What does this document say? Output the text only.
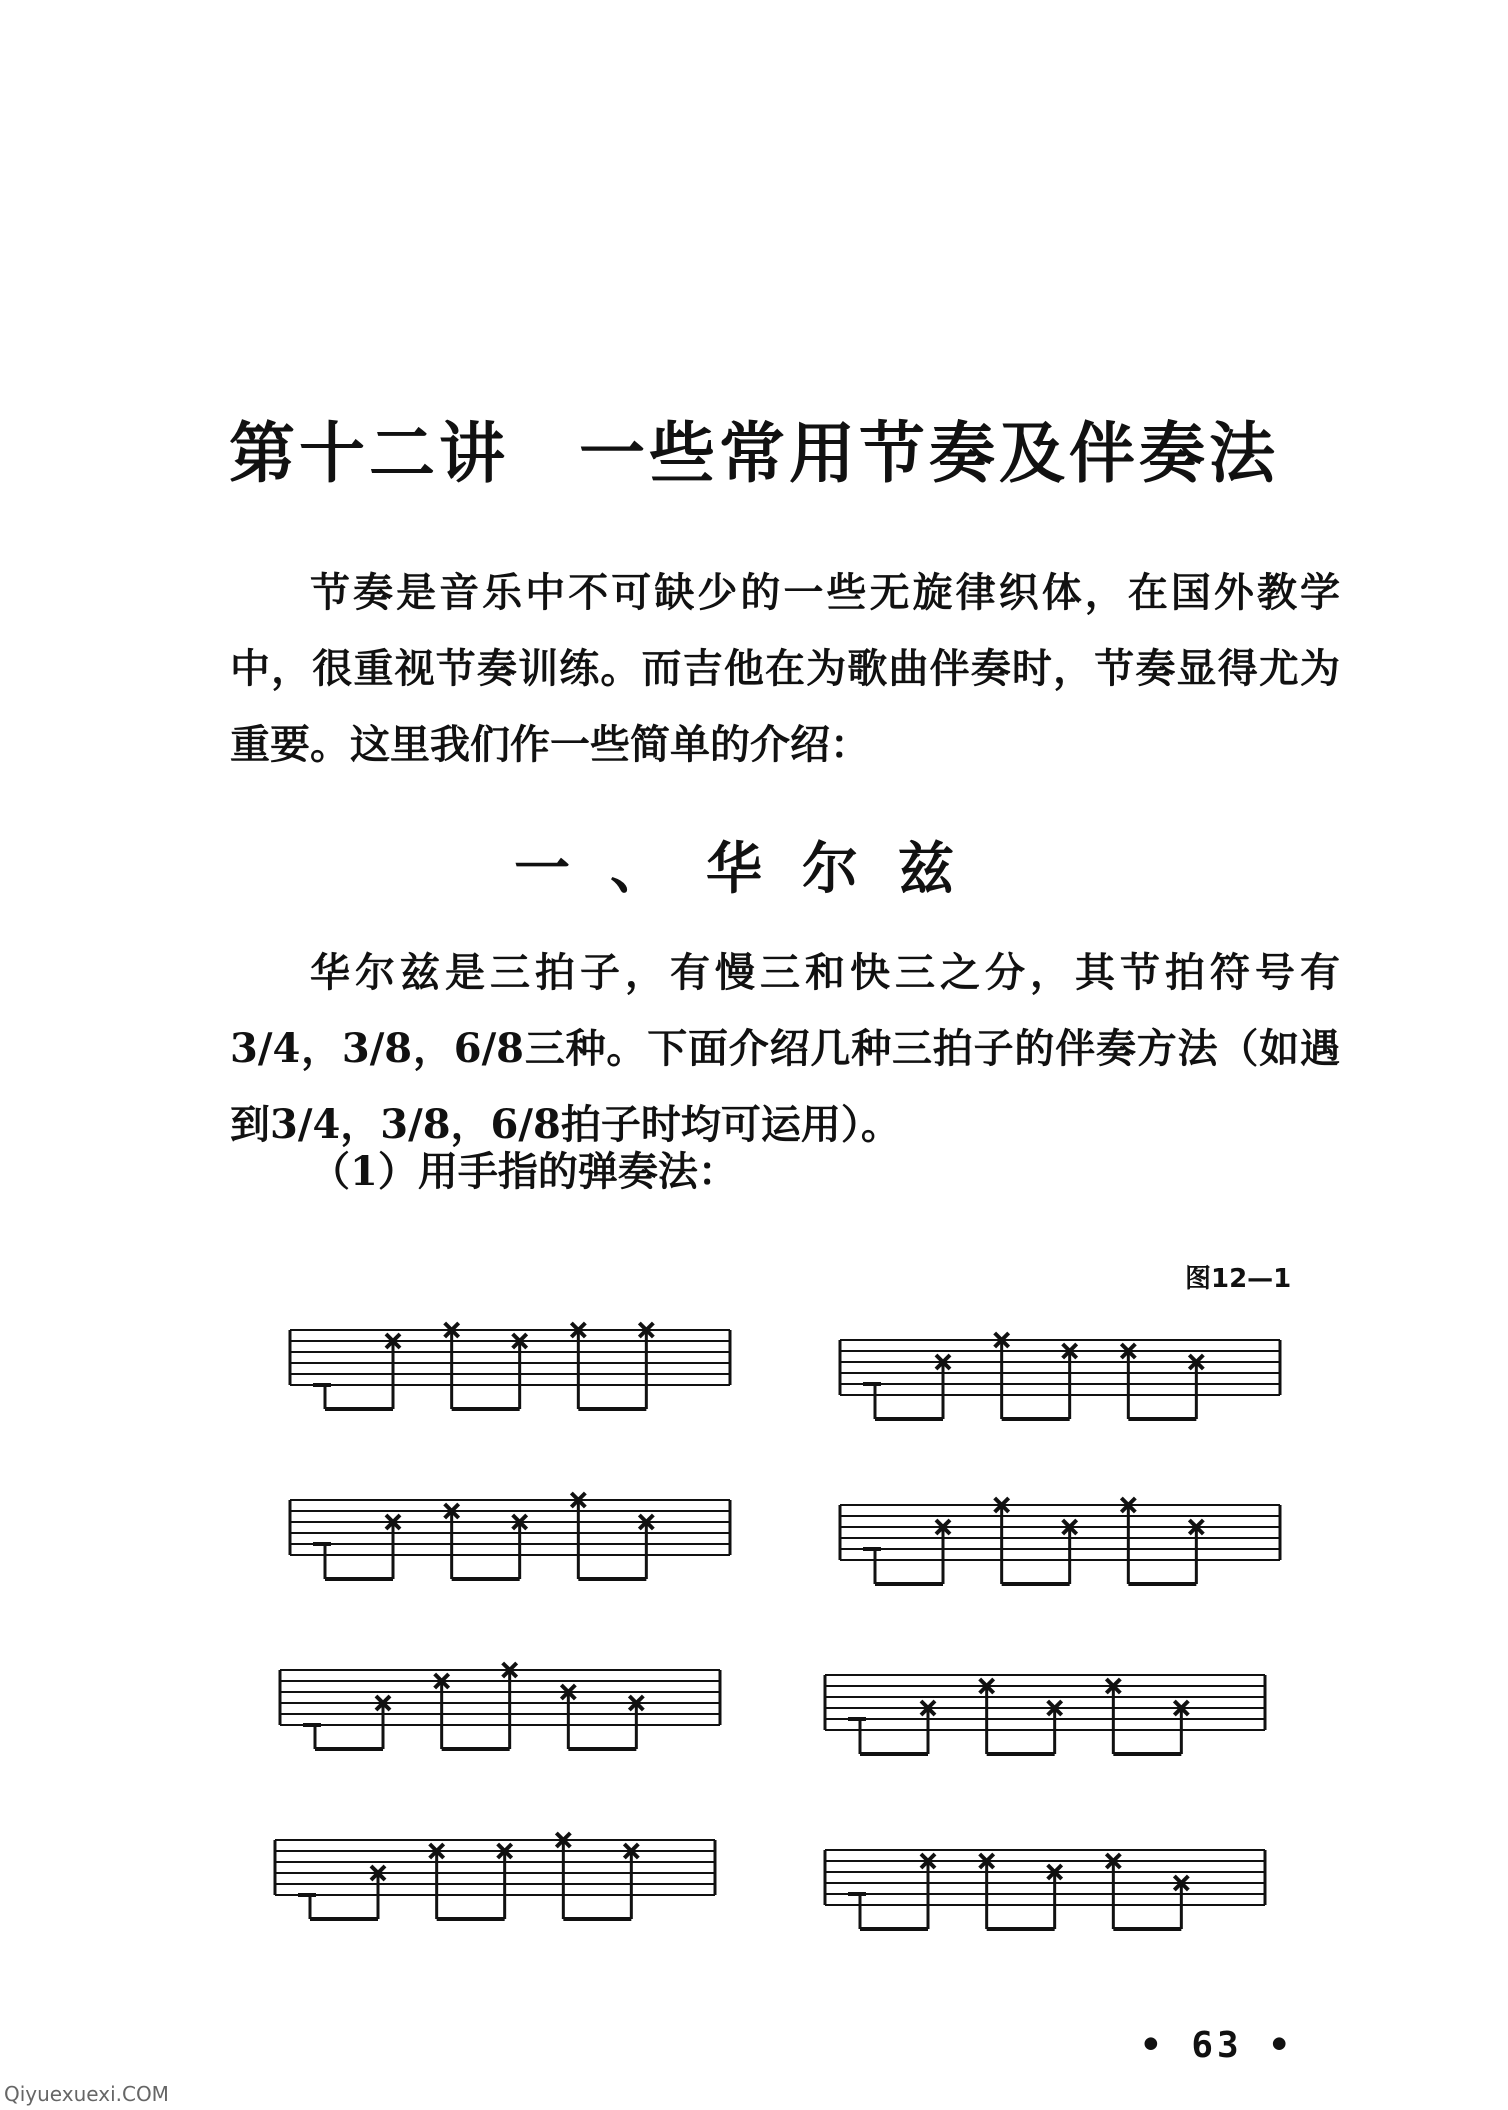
第十二讲　一些常用节奏及伴奏法

节奏是音乐中不可缺少的一些无旋律织体，在国外教学中，很重视节奏训练。而吉他在为歌曲伴奏时，节奏显得尤为重要。这里我们作一些简单的介绍：

一、华尔兹

华尔兹是三拍子，有慢三和快三之分，其节拍符号有3/4，3/8，6/8三种。下面介绍几种三拍子的伴奏方法（如遇到3/4，3/8，6/8拍子时均可运用）。

（1）用手指的弹奏法：
图12—1
• 63 •
Qiyuexuexi.COM
